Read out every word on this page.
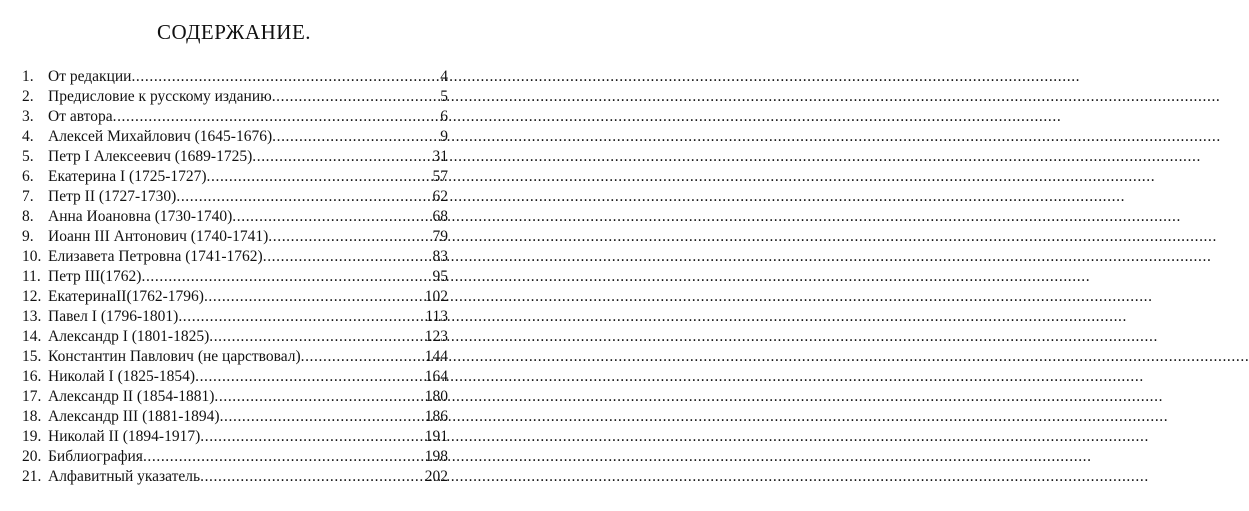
СОДЕРЖАНИЕ.
1. От редакции .....	4
2. Предисловие к русскому изданию .....	5
3. От автора .....	6
4. Алексей Михайлович (1645-1676) .....	9
5. Петр I Алексеевич (1689-1725) .....	31
6. Екатерина I (1725-1727) .....	57
7. Петр II (1727-1730) .....	62
8. Анна Иоановна (1730-1740) .....	68
9. Иоанн III Антонович (1740-1741) .....	79
10. Елизавета Петровна (1741-1762) .....	83
11. Петр III(1762) .....	95
12. ЕкатеринаII(1762-1796) .....	102
13. Павел I (1796-1801) .....	113
14. Александр I (1801-1825) .....	123
15. Константин Павлович (не царствовал) .....	144
16. Николай I (1825-1854) .....	164
17. Александр II (1854-1881) .....	180
18. Александр III (1881-1894) .....	186
19. Николай II (1894-1917) .....	191
20. Библиография .....	198
21. Алфавитный указатель .....	202
